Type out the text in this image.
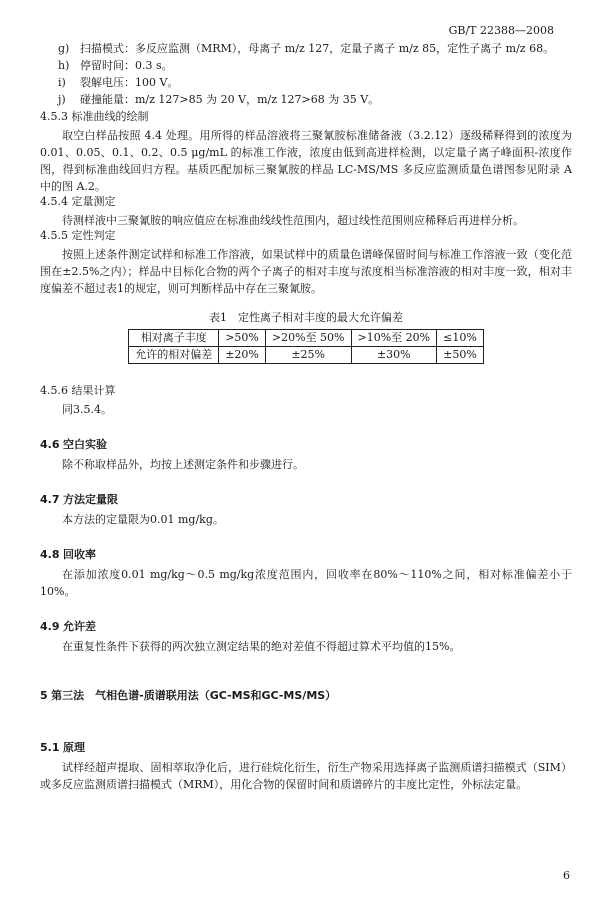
GB/T 22388—2008
g) 扫描模式：多反应监测（MRM），母离子 m/z 127，定量子离子 m/z 85，定性子离子 m/z 68。
h) 停留时间：0.3 s。
i) 裂解电压：100 V。
j) 碰撞能量：m/z 127>85 为 20 V，m/z 127>68 为 35 V。
4.5.3 标准曲线的绘制

取空白样品按照 4.4 处理。用所得的样品溶液将三聚氰胺标准储备液（3.2.12）逐级稀释得到的浓度为 0.01、0.05、0.1、0.2、0.5 μg/mL 的标准工作液，浓度由低到高进样检测，以定量子离子峰面积-浓度作图，得到标准曲线回归方程。基质匹配加标三聚氰胺的样品 LC-MS/MS 多反应监测质量色谱图参见附录 A 中的图 A.2。

4.5.4 定量测定

待测样液中三聚氰胺的响应值应在标准曲线线性范围内，超过线性范围则应稀释后再进样分析。

4.5.5 定性判定

按照上述条件测定试样和标准工作溶液，如果试样中的质量色谱峰保留时间与标准工作溶液一致（变化范围在±2.5%之内）；样品中目标化合物的两个子离子的相对丰度与浓度相当标准溶液的相对丰度一致，相对丰度偏差不超过表1的规定，则可判断样品中存在三聚氰胺。

表1　定性离子相对丰度的最大允许偏差
相对离子丰度	>50%	>20%至 50%	>10%至 20%	≤10%
允许的相对偏差	±20%	±25%	±30%	±50%
4.5.6 结果计算

同3.5.4。

4.6 空白实验

除不称取样品外，均按上述测定条件和步骤进行。

4.7 方法定量限

本方法的定量限为0.01 mg/kg。

4.8 回收率

在添加浓度0.01 mg/kg～0.5 mg/kg浓度范围内，回收率在80%～110%之间，相对标准偏差小于10%。

4.9 允许差

在重复性条件下获得的两次独立测定结果的绝对差值不得超过算术平均值的15%。

5 第三法　气相色谱-质谱联用法（GC-MS和GC-MS/MS）
5.1 原理

试样经超声提取、固相萃取净化后，进行硅烷化衍生，衍生产物采用选择离子监测质谱扫描模式（SIM）或多反应监测质谱扫描模式（MRM），用化合物的保留时间和质谱碎片的丰度比定性，外标法定量。

6
